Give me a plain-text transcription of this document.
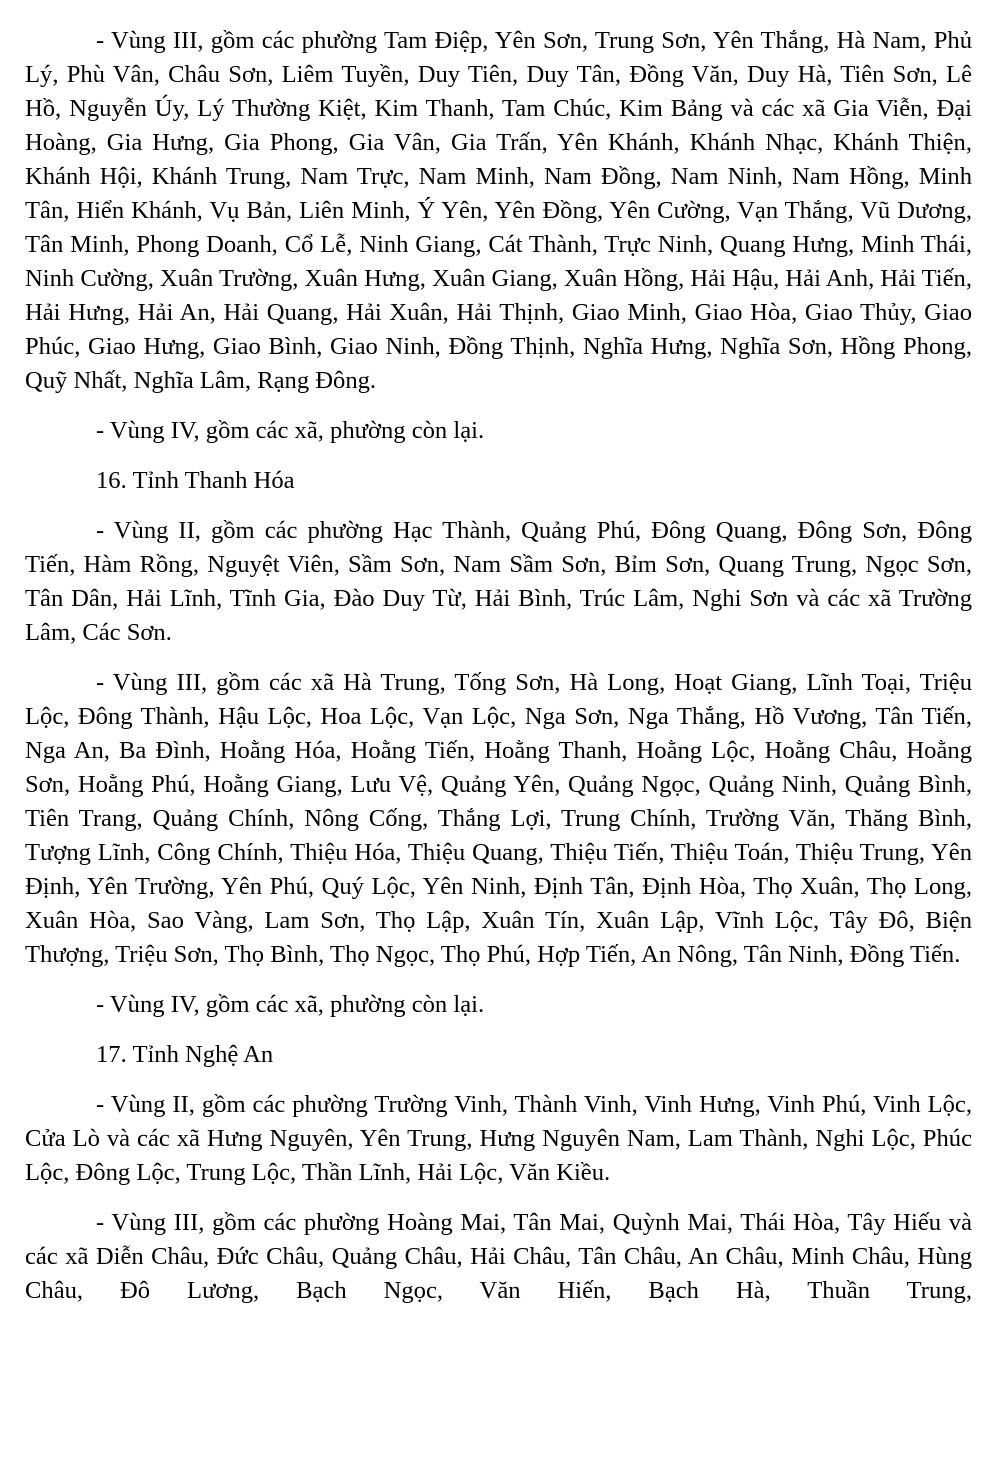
- Vùng III, gồm các phường Tam Điệp, Yên Sơn, Trung Sơn, Yên Thắng, Hà Nam, Phủ Lý, Phù Vân, Châu Sơn, Liêm Tuyền, Duy Tiên, Duy Tân, Đồng Văn, Duy Hà, Tiên Sơn, Lê Hồ, Nguyễn Úy, Lý Thường Kiệt, Kim Thanh, Tam Chúc, Kim Bảng và các xã Gia Viễn, Đại Hoàng, Gia Hưng, Gia Phong, Gia Vân, Gia Trấn, Yên Khánh, Khánh Nhạc, Khánh Thiện, Khánh Hội, Khánh Trung, Nam Trực, Nam Minh, Nam Đồng, Nam Ninh, Nam Hồng, Minh Tân, Hiển Khánh, Vụ Bản, Liên Minh, Ý Yên, Yên Đồng, Yên Cường, Vạn Thắng, Vũ Dương, Tân Minh, Phong Doanh, Cổ Lễ, Ninh Giang, Cát Thành, Trực Ninh, Quang Hưng, Minh Thái, Ninh Cường, Xuân Trường, Xuân Hưng, Xuân Giang, Xuân Hồng, Hải Hậu, Hải Anh, Hải Tiến, Hải Hưng, Hải An, Hải Quang, Hải Xuân, Hải Thịnh, Giao Minh, Giao Hòa, Giao Thủy, Giao Phúc, Giao Hưng, Giao Bình, Giao Ninh, Đồng Thịnh, Nghĩa Hưng, Nghĩa Sơn, Hồng Phong, Quỹ Nhất, Nghĩa Lâm, Rạng Đông.

- Vùng IV, gồm các xã, phường còn lại.

16. Tỉnh Thanh Hóa

- Vùng II, gồm các phường Hạc Thành, Quảng Phú, Đông Quang, Đông Sơn, Đông Tiến, Hàm Rồng, Nguyệt Viên, Sầm Sơn, Nam Sầm Sơn, Bỉm Sơn, Quang Trung, Ngọc Sơn, Tân Dân, Hải Lĩnh, Tĩnh Gia, Đào Duy Từ, Hải Bình, Trúc Lâm, Nghi Sơn và các xã Trường Lâm, Các Sơn.

- Vùng III, gồm các xã Hà Trung, Tống Sơn, Hà Long, Hoạt Giang, Lĩnh Toại, Triệu Lộc, Đông Thành, Hậu Lộc, Hoa Lộc, Vạn Lộc, Nga Sơn, Nga Thắng, Hồ Vương, Tân Tiến, Nga An, Ba Đình, Hoằng Hóa, Hoằng Tiến, Hoằng Thanh, Hoằng Lộc, Hoằng Châu, Hoằng Sơn, Hoằng Phú, Hoằng Giang, Lưu Vệ, Quảng Yên, Quảng Ngọc, Quảng Ninh, Quảng Bình, Tiên Trang, Quảng Chính, Nông Cống, Thắng Lợi, Trung Chính, Trường Văn, Thăng Bình, Tượng Lĩnh, Công Chính, Thiệu Hóa, Thiệu Quang, Thiệu Tiến, Thiệu Toán, Thiệu Trung, Yên Định, Yên Trường, Yên Phú, Quý Lộc, Yên Ninh, Định Tân, Định Hòa, Thọ Xuân, Thọ Long, Xuân Hòa, Sao Vàng, Lam Sơn, Thọ Lập, Xuân Tín, Xuân Lập, Vĩnh Lộc, Tây Đô, Biện Thượng, Triệu Sơn, Thọ Bình, Thọ Ngọc, Thọ Phú, Hợp Tiến, An Nông, Tân Ninh, Đồng Tiến.

- Vùng IV, gồm các xã, phường còn lại.

17. Tỉnh Nghệ An

- Vùng II, gồm các phường Trường Vinh, Thành Vinh, Vinh Hưng, Vinh Phú, Vinh Lộc, Cửa Lò và các xã Hưng Nguyên, Yên Trung, Hưng Nguyên Nam, Lam Thành, Nghi Lộc, Phúc Lộc, Đông Lộc, Trung Lộc, Thần Lĩnh, Hải Lộc, Văn Kiều.

- Vùng III, gồm các phường Hoàng Mai, Tân Mai, Quỳnh Mai, Thái Hòa, Tây Hiếu và các xã Diễn Châu, Đức Châu, Quảng Châu, Hải Châu, Tân Châu, An Châu, Minh Châu, Hùng Châu, Đô Lương, Bạch Ngọc, Văn Hiến, Bạch Hà, Thuần Trung,
